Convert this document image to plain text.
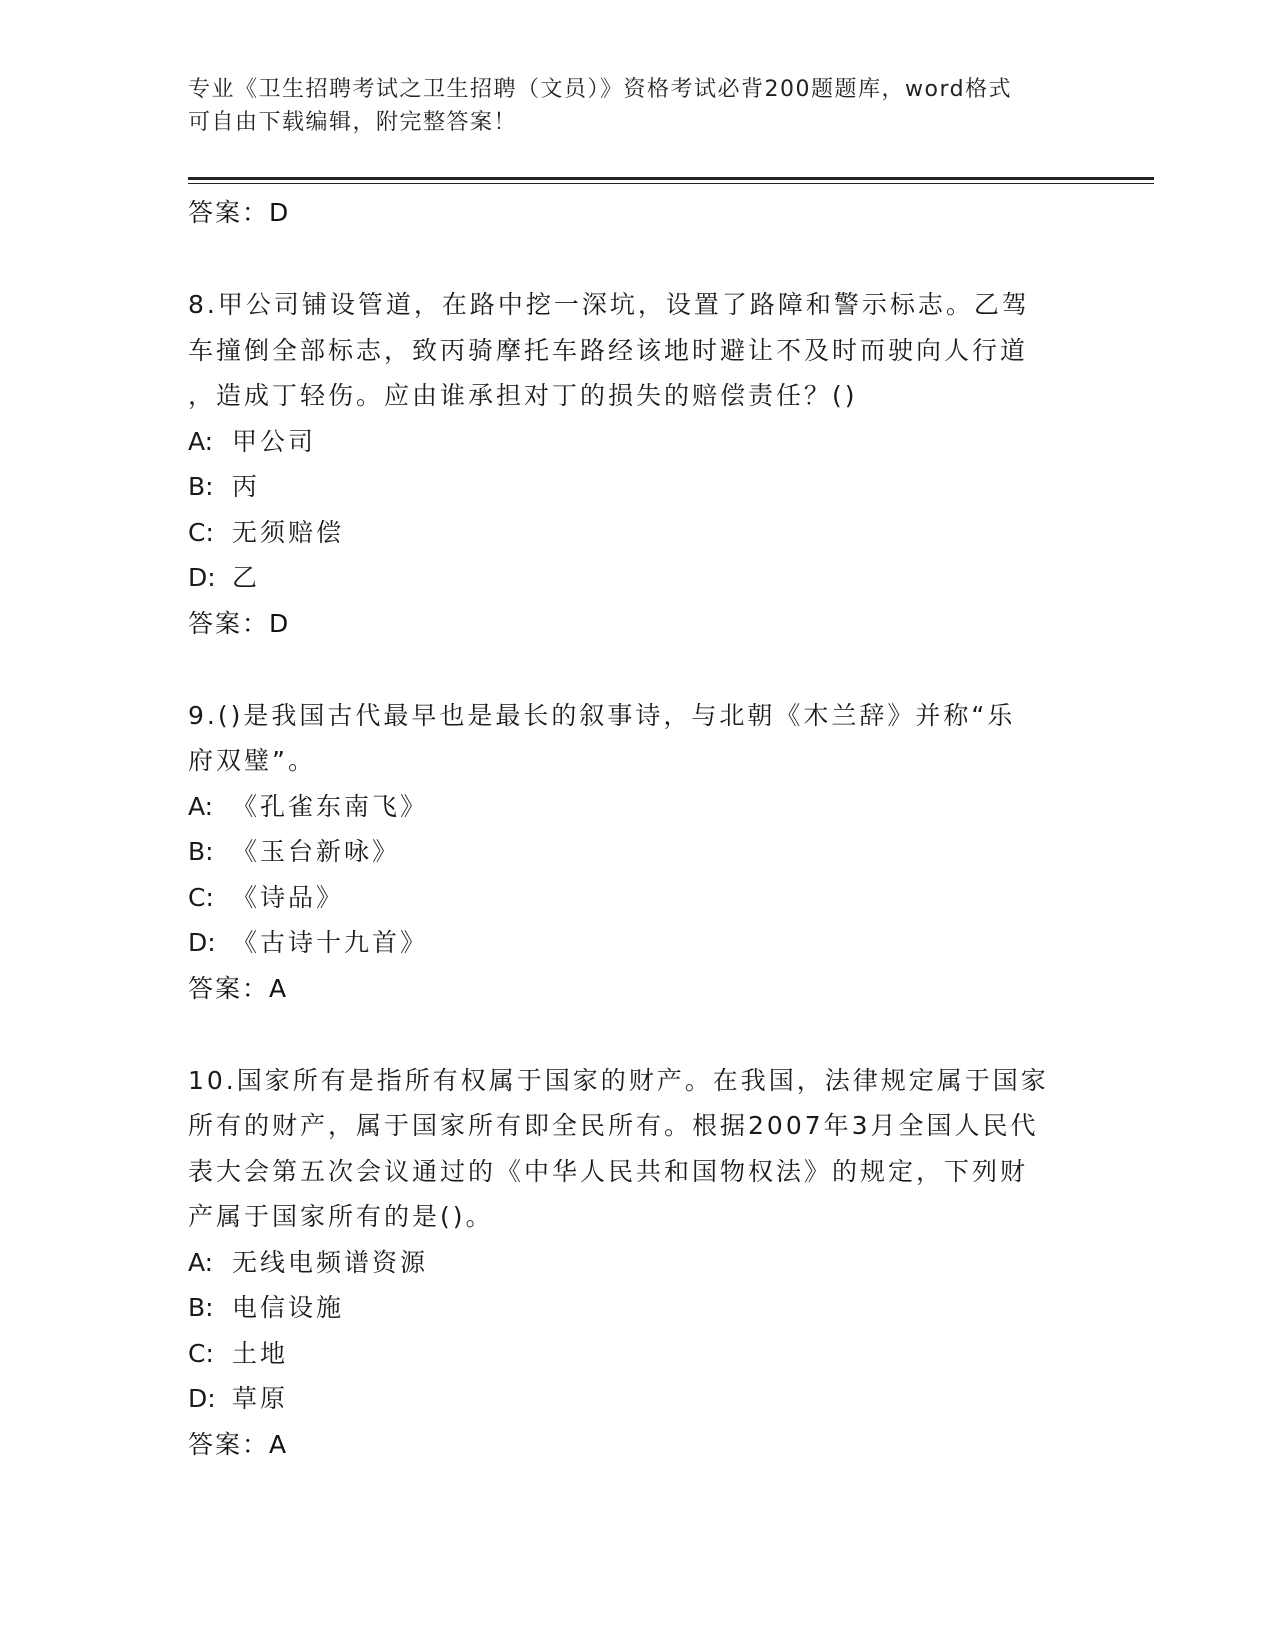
专业《卫生招聘考试之卫生招聘（文员）》资格考试必背200题题库，word格式
可自由下载编辑，附完整答案！
答案：D
8.甲公司铺设管道，在路中挖一深坑，设置了路障和警示标志。乙驾
车撞倒全部标志，致丙骑摩托车路经该地时避让不及时而驶向人行道
，造成丁轻伤。应由谁承担对丁的损失的赔偿责任？()
A: 甲公司
B: 丙
C: 无须赔偿
D: 乙
答案：D
9.()是我国古代最早也是最长的叙事诗，与北朝《木兰辞》并称“乐
府双璧”。
A: 《孔雀东南飞》
B: 《玉台新咏》
C: 《诗品》
D: 《古诗十九首》
答案：A
10.国家所有是指所有权属于国家的财产。在我国，法律规定属于国家
所有的财产，属于国家所有即全民所有。根据2007年3月全国人民代
表大会第五次会议通过的《中华人民共和国物权法》的规定，下列财
产属于国家所有的是()。
A: 无线电频谱资源
B: 电信设施
C: 土地
D: 草原
答案：A
